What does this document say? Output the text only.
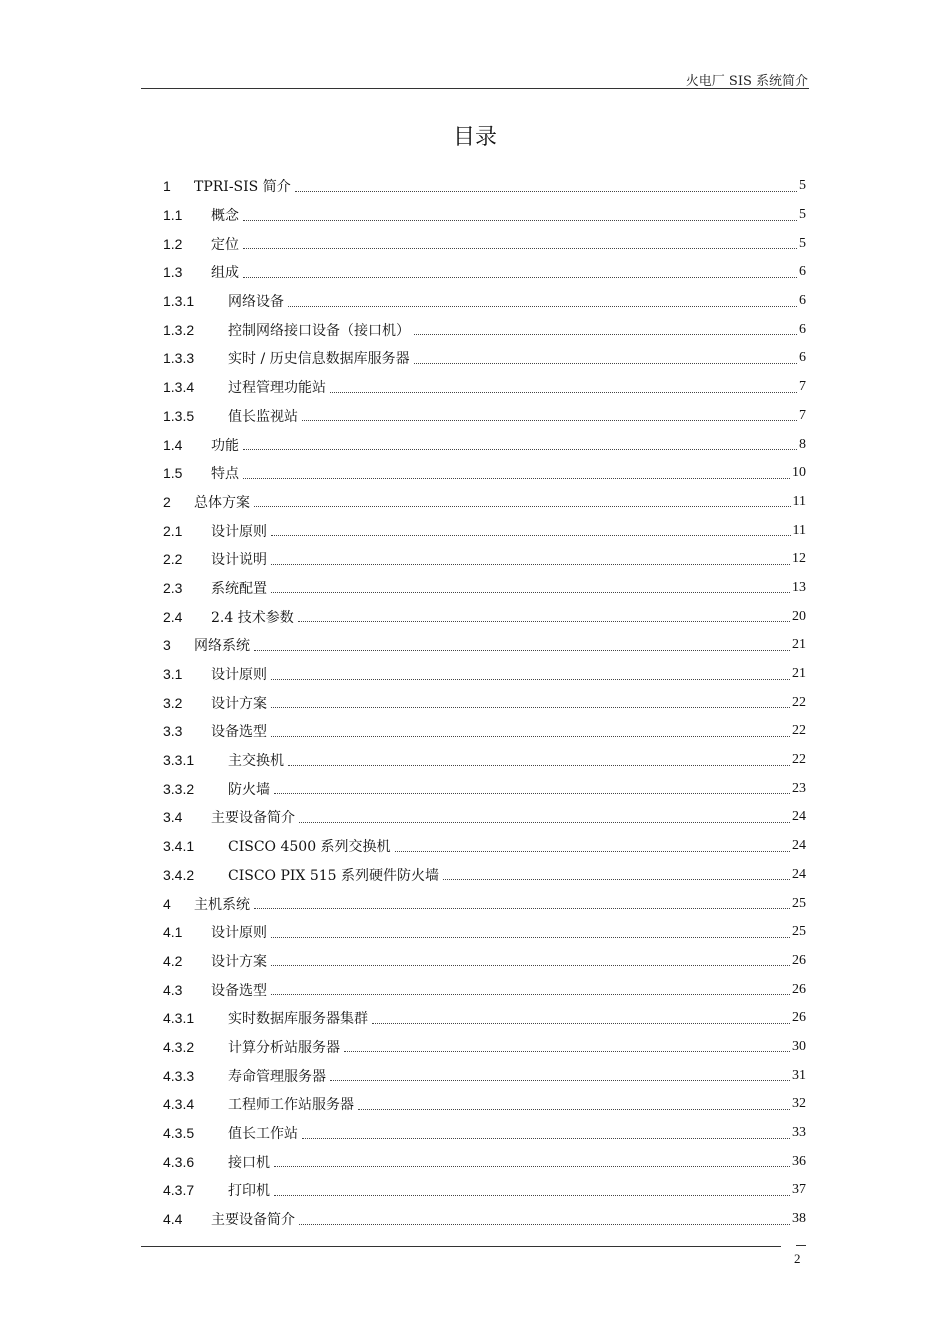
火电厂 SIS 系统简介
目录
1	TPRI-SIS 简介	5
1.1	概念	5
1.2	定位	5
1.3	组成	6
1.3.1	网络设备	6
1.3.2	控制网络接口设备（接口机）	6
1.3.3	实时 / 历史信息数据库服务器	6
1.3.4	过程管理功能站	7
1.3.5	值长监视站	7
1.4	功能	8
1.5	特点	10
2	总体方案	11
2.1	设计原则	11
2.2	设计说明	12
2.3	系统配置	13
2.4	2.4 技术参数	20
3	网络系统	21
3.1	设计原则	21
3.2	设计方案	22
3.3	设备选型	22
3.3.1	主交换机	22
3.3.2	防火墙	23
3.4	主要设备简介	24
3.4.1	CISCO 4500 系列交换机	24
3.4.2	CISCO PIX 515 系列硬件防火墙	24
4	主机系统	25
4.1	设计原则	25
4.2	设计方案	26
4.3	设备选型	26
4.3.1	实时数据库服务器集群	26
4.3.2	计算分析站服务器	30
4.3.3	寿命管理服务器	31
4.3.4	工程师工作站服务器	32
4.3.5	值长工作站	33
4.3.6	接口机	36
4.3.7	打印机	37
4.4	主要设备简介	38
2
